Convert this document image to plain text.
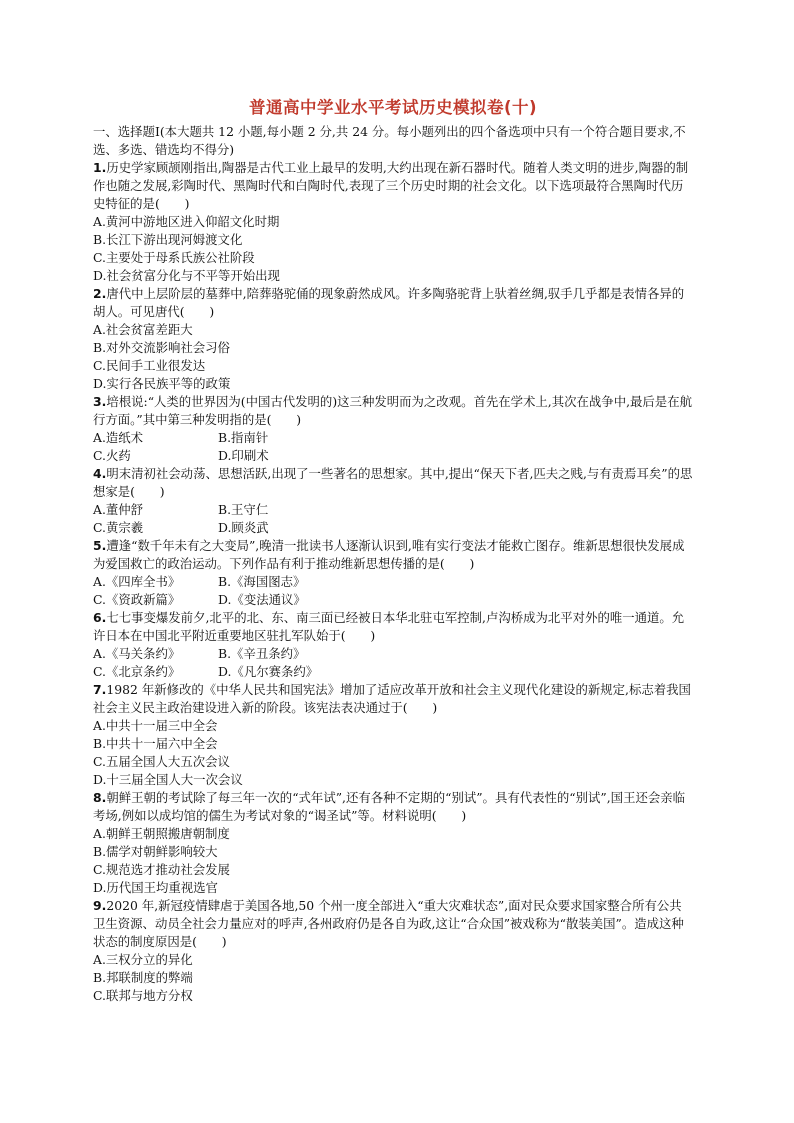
普通高中学业水平考试历史模拟卷(十)

一、选择题Ⅰ(本大题共 12 小题,每小题 2 分,共 24 分。每小题列出的四个备选项中只有一个符合题目要求,不选、多选、错选均不得分)

1.历史学家顾颉刚指出,陶器是古代工业上最早的发明,大约出现在新石器时代。随着人类文明的进步,陶器的制作也随之发展,彩陶时代、黑陶时代和白陶时代,表现了三个历史时期的社会文化。以下选项最符合黑陶时代历史特征的是(　　)

A.黄河中游地区进入仰韶文化时期

B.长江下游出现河姆渡文化

C.主要处于母系氏族公社阶段

D.社会贫富分化与不平等开始出现

2.唐代中上层阶层的墓葬中,陪葬骆驼俑的现象蔚然成风。许多陶骆驼背上驮着丝绸,驭手几乎都是表情各异的胡人。可见唐代(　　)

A.社会贫富差距大

B.对外交流影响社会习俗

C.民间手工业很发达

D.实行各民族平等的政策

3.培根说:“人类的世界因为(中国古代发明的)这三种发明而为之改观。首先在学术上,其次在战争中,最后是在航行方面。”其中第三种发明指的是(　　)

A.造纸术	B.指南针
C.火药	D.印刷术

4.明末清初社会动荡、思想活跃,出现了一些著名的思想家。其中,提出“保天下者,匹夫之贱,与有责焉耳矣”的思想家是(　　)

A.董仲舒	B.王守仁
C.黄宗羲	D.顾炎武

5.遭逢“数千年未有之大变局”,晚清一批读书人逐渐认识到,唯有实行变法才能救亡图存。维新思想很快发展成为爱国救亡的政治运动。下列作品有利于推动维新思想传播的是(　　)

A.《四库全书》	B.《海国图志》
C.《资政新篇》	D.《变法通议》

6.七七事变爆发前夕,北平的北、东、南三面已经被日本华北驻屯军控制,卢沟桥成为北平对外的唯一通道。允许日本在中国北平附近重要地区驻扎军队始于(　　)

A.《马关条约》	B.《辛丑条约》
C.《北京条约》	D.《凡尔赛条约》

7.1982 年新修改的《中华人民共和国宪法》增加了适应改革开放和社会主义现代化建设的新规定,标志着我国社会主义民主政治建设进入新的阶段。该宪法表决通过于(　　)

A.中共十一届三中全会

B.中共十一届六中全会

C.五届全国人大五次会议

D.十三届全国人大一次会议

8.朝鲜王朝的考试除了每三年一次的“式年试”,还有各种不定期的“别试”。具有代表性的“别试”,国王还会亲临考场,例如以成均馆的儒生为考试对象的“谒圣试”等。材料说明(　　)

A.朝鲜王朝照搬唐朝制度

B.儒学对朝鲜影响较大

C.规范选才推动社会发展

D.历代国王均重视选官

9.2020 年,新冠疫情肆虐于美国各地,50 个州一度全部进入“重大灾难状态”,面对民众要求国家整合所有公共卫生资源、动员全社会力量应对的呼声,各州政府仍是各自为政,这让“合众国”被戏称为“散装美国”。造成这种状态的制度原因是(　　)

A.三权分立的异化

B.邦联制度的弊端

C.联邦与地方分权
